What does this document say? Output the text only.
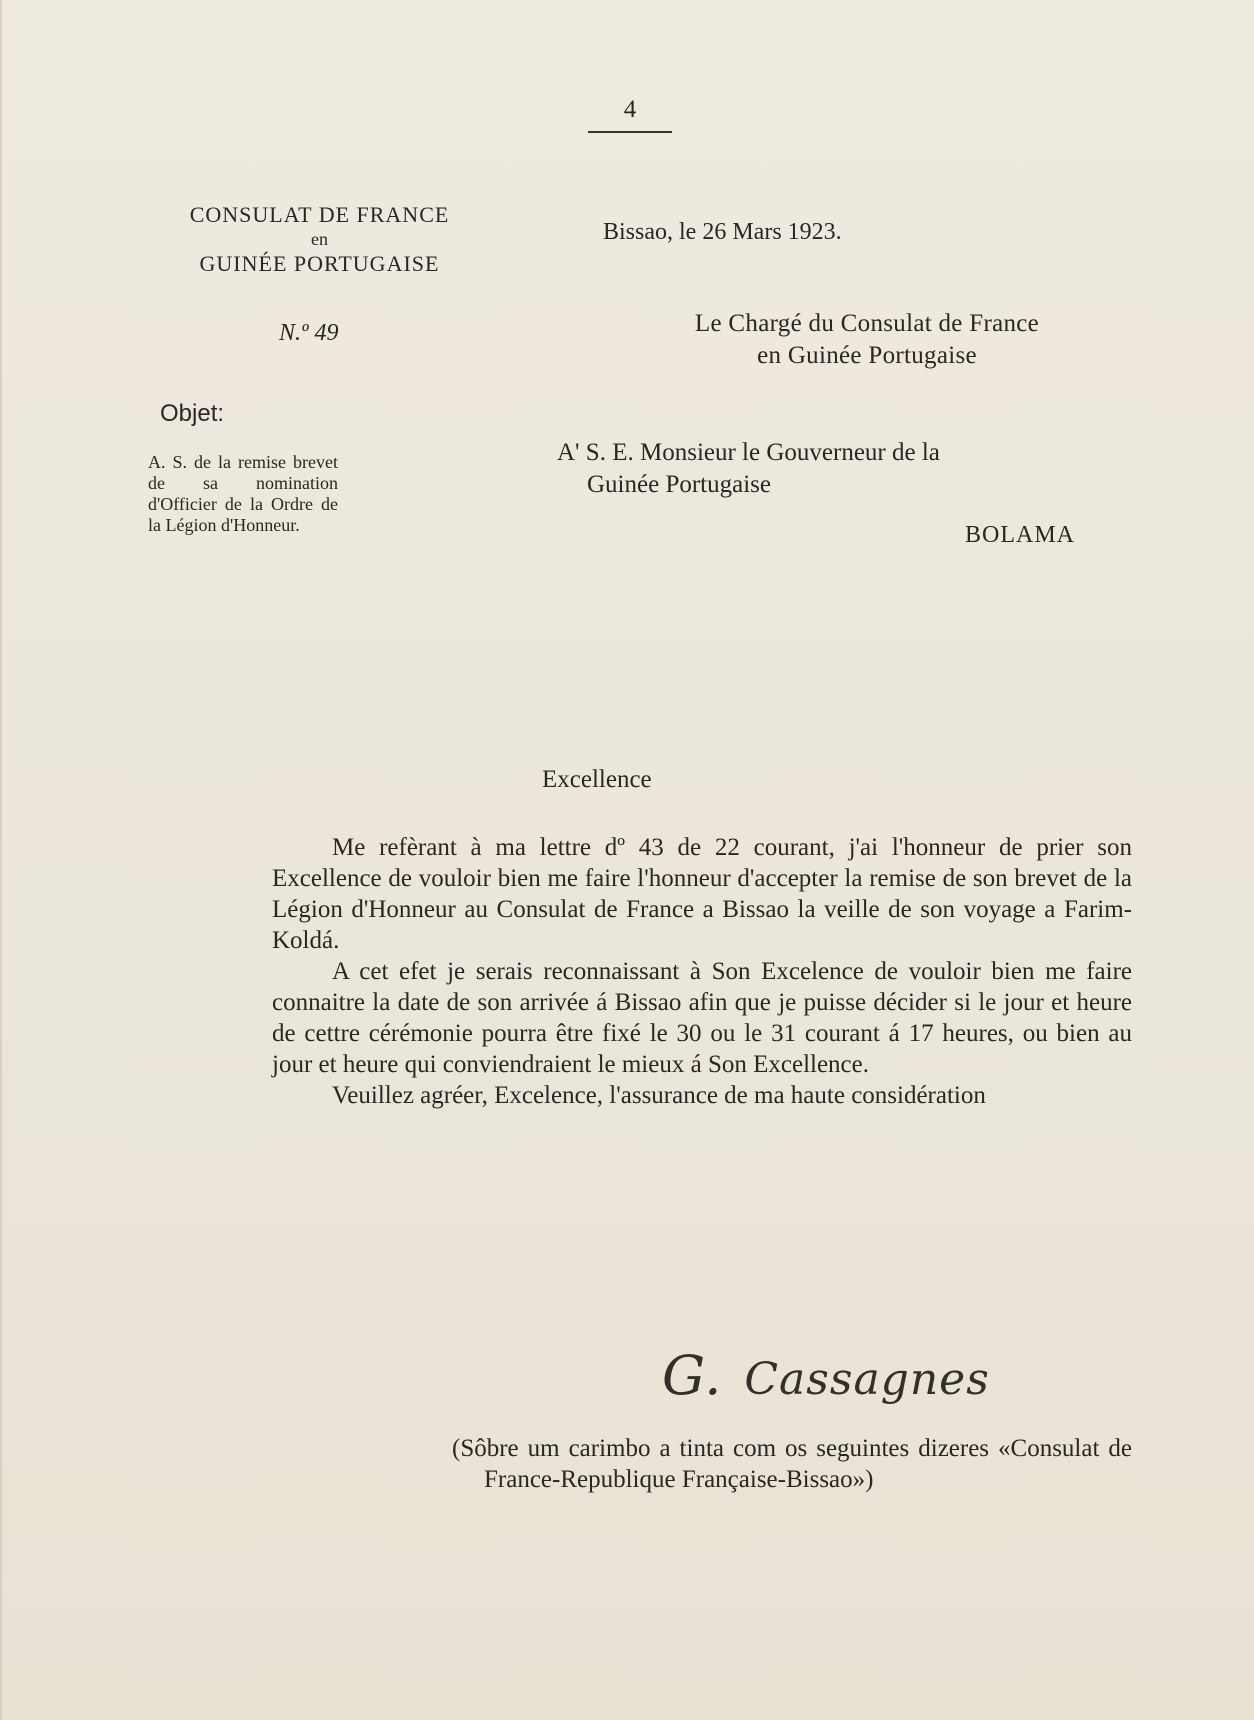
4
CONSULAT DE FRANCE
en
GUINÉE PORTUGAISE
N.º 49
Bissao, le 26 Mars 1923.
Le Chargé du Consulat de France
en Guinée Portugaise
Objet:
A. S. de la remise brevet de sa nomination d'Officier de la Ordre de la Légion d'Honneur.
A' S. E. Monsieur le Gouverneur de la
Guinée Portugaise
BOLAMA
Excellence

Me refèrant à ma lettre dº 43 de 22 courant, j'ai l'honneur de prier son Excellence de vouloir bien me faire l'honneur d'accepter la remise de son brevet de la Légion d'Honneur au Consulat de France a Bissao la veille de son voyage a Farim-Koldá.

A cet efet je serais reconnaissant à Son Excelence de vouloir bien me faire connaitre la date de son arrivée á Bissao afin que je puisse décider si le jour et heure de cettre cérémonie pourra être fixé le 30 ou le 31 courant á 17 heures, ou bien au jour et heure qui conviendraient le mieux á Son Excellence.

Veuillez agréer, Excelence, l'assurance de ma haute considération

G. Cassagnes

(Sôbre um carimbo a tinta com os seguintes dizeres «Consulat de France-Republique Française-Bissao»)
